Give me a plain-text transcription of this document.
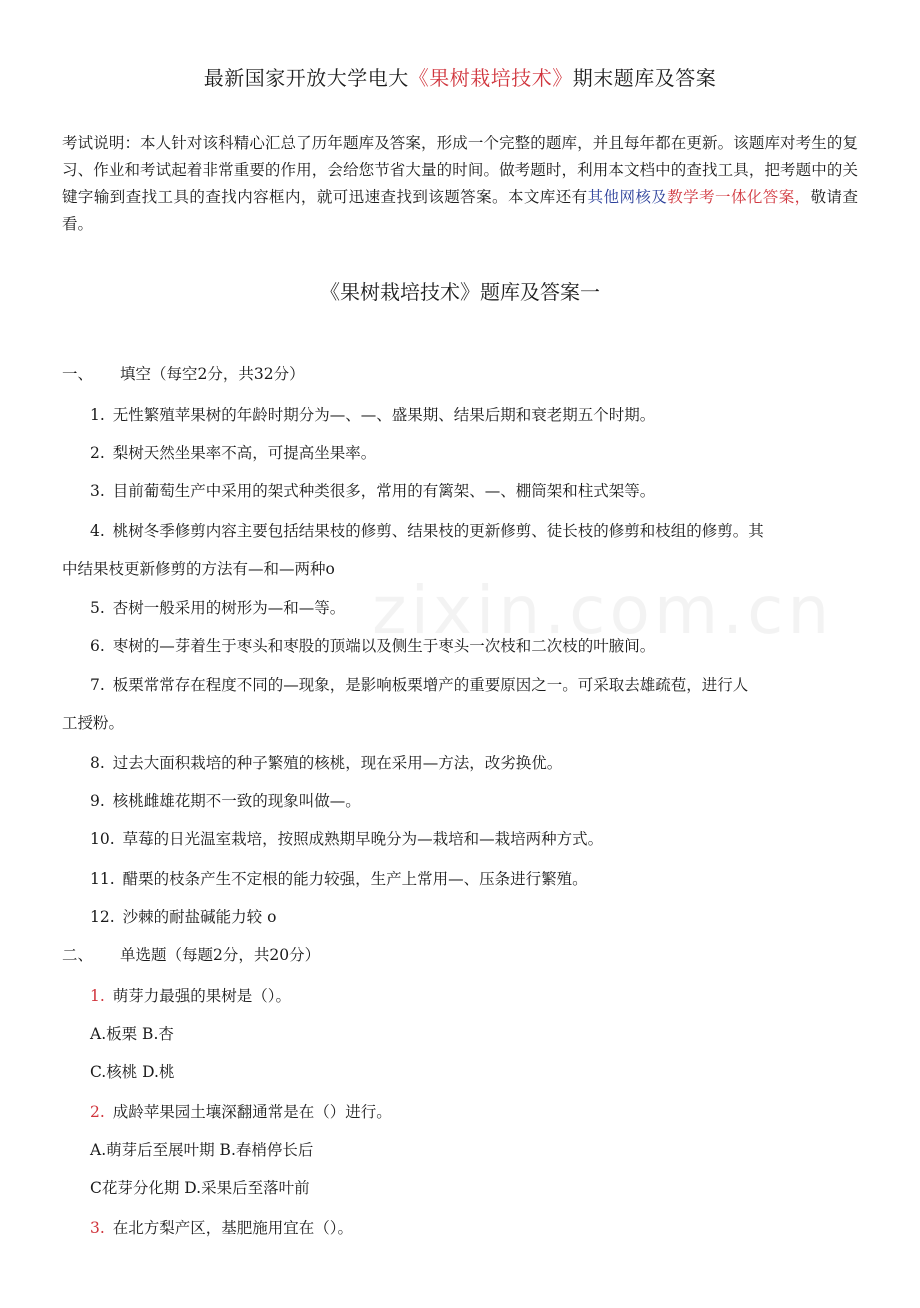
最新国家开放大学电大《果树栽培技术》期末题库及答案
考试说明：本人针对该科精心汇总了历年题库及答案，形成一个完整的题库，并且每年都在更新。该题库对考生的复习、作业和考试起着非常重要的作用，会给您节省大量的时间。做考题时，利用本文档中的查找工具，把考题中的关键字输到查找工具的查找内容框内，就可迅速查找到该题答案。本文库还有其他网核及教学考一体化答案，敬请查看。
《果树栽培技术》题库及答案一
一、 填空（每空2分，共32分）
1. 无性繁殖苹果树的年龄时期分为—、—、盛果期、结果后期和衰老期五个时期。
2. 梨树天然坐果率不高，可提高坐果率。
3. 目前葡萄生产中采用的架式种类很多，常用的有篱架、—、棚筒架和柱式架等。
4. 桃树冬季修剪内容主要包括结果枝的修剪、结果枝的更新修剪、徒长枝的修剪和枝组的修剪。其
中结果枝更新修剪的方法有—和—两种o
5. 杏树一般采用的树形为—和—等。
6. 枣树的—芽着生于枣头和枣股的顶端以及侧生于枣头一次枝和二次枝的叶腋间。
7. 板栗常常存在程度不同的—现象，是影响板栗增产的重要原因之一。可采取去雄疏苞，进行人
工授粉。
8. 过去大面积栽培的种子繁殖的核桃，现在采用—方法，改劣换优。
9. 核桃雌雄花期不一致的现象叫做—。
10. 草莓的日光温室栽培，按照成熟期早晚分为—栽培和—栽培两种方式。
11. 醋栗的枝条产生不定根的能力较强，生产上常用—、压条进行繁殖。
12. 沙棘的耐盐碱能力较 o
二、 单选题（每题2分，共20分）
1. 萌芽力最强的果树是（）。
A.板栗 B.杏
C.核桃 D.桃
2. 成龄苹果园土壤深翻通常是在（）进行。
A.萌芽后至展叶期 B.春梢停长后
C花芽分化期 D.采果后至落叶前
3. 在北方梨产区，基肥施用宜在（）。
